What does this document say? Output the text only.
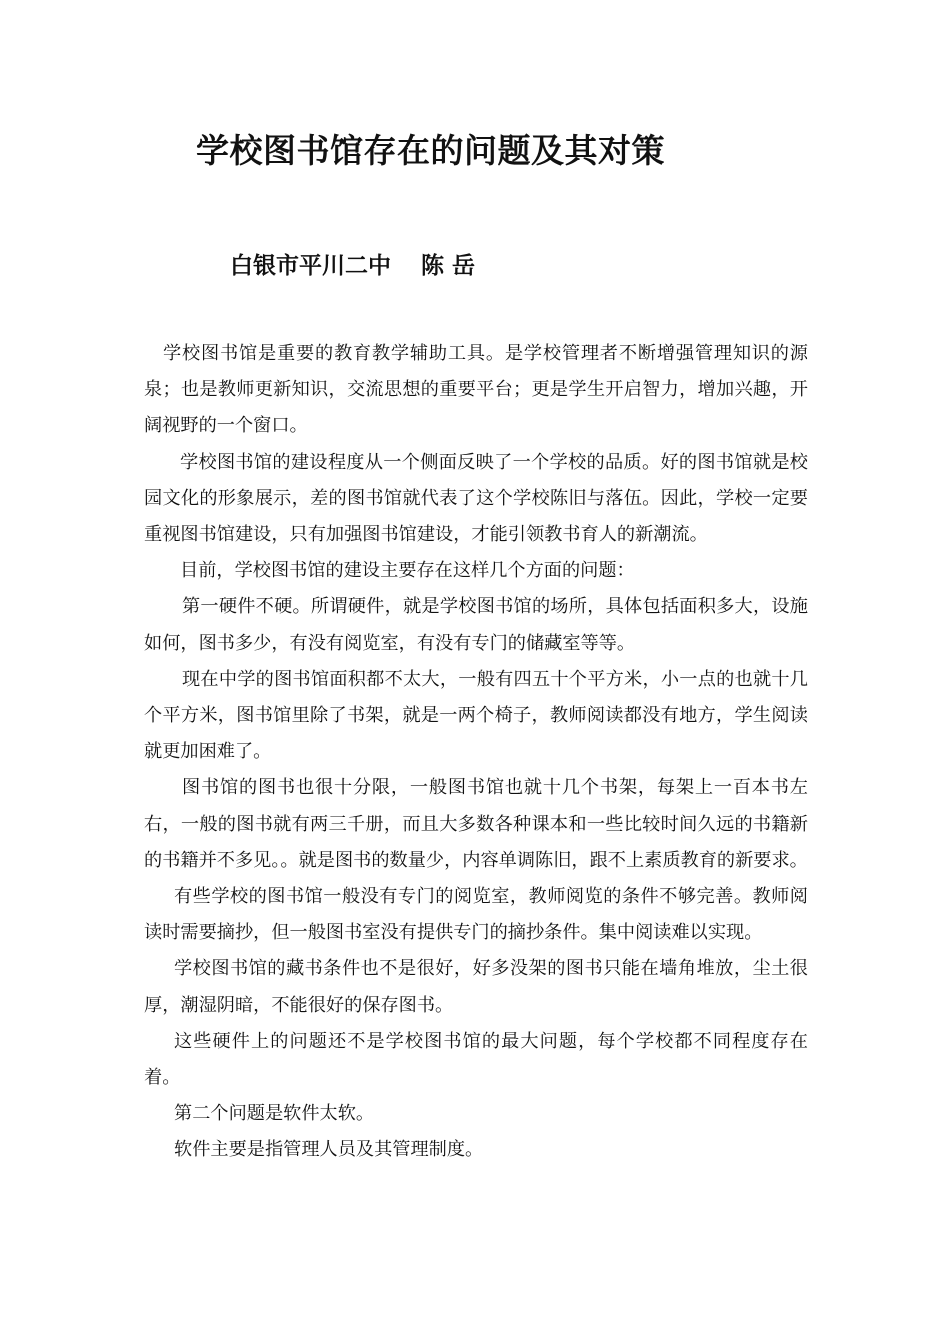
学校图书馆存在的问题及其对策
白银市平川二中 陈 岳

学校图书馆是重要的教育教学辅助工具。是学校管理者不断增强管理知识的源泉；也是教师更新知识，交流思想的重要平台；更是学生开启智力，增加兴趣，开阔视野的一个窗口。

学校图书馆的建设程度从一个侧面反映了一个学校的品质。好的图书馆就是校园文化的形象展示，差的图书馆就代表了这个学校陈旧与落伍。因此，学校一定要重视图书馆建设，只有加强图书馆建设，才能引领教书育人的新潮流。

目前，学校图书馆的建设主要存在这样几个方面的问题：

第一硬件不硬。所谓硬件，就是学校图书馆的场所，具体包括面积多大，设施如何，图书多少，有没有阅览室，有没有专门的储藏室等等。

现在中学的图书馆面积都不太大，一般有四五十个平方米，小一点的也就十几个平方米，图书馆里除了书架，就是一两个椅子，教师阅读都没有地方，学生阅读就更加困难了。

图书馆的图书也很十分限，一般图书馆也就十几个书架，每架上一百本书左右，一般的图书就有两三千册，而且大多数各种课本和一些比较时间久远的书籍新的书籍并不多见。。就是图书的数量少，内容单调陈旧，跟不上素质教育的新要求。

有些学校的图书馆一般没有专门的阅览室，教师阅览的条件不够完善。教师阅读时需要摘抄，但一般图书室没有提供专门的摘抄条件。集中阅读难以实现。

学校图书馆的藏书条件也不是很好，好多没架的图书只能在墙角堆放，尘土很厚，潮湿阴暗，不能很好的保存图书。

这些硬件上的问题还不是学校图书馆的最大问题，每个学校都不同程度存在着。

第二个问题是软件太软。

软件主要是指管理人员及其管理制度。
